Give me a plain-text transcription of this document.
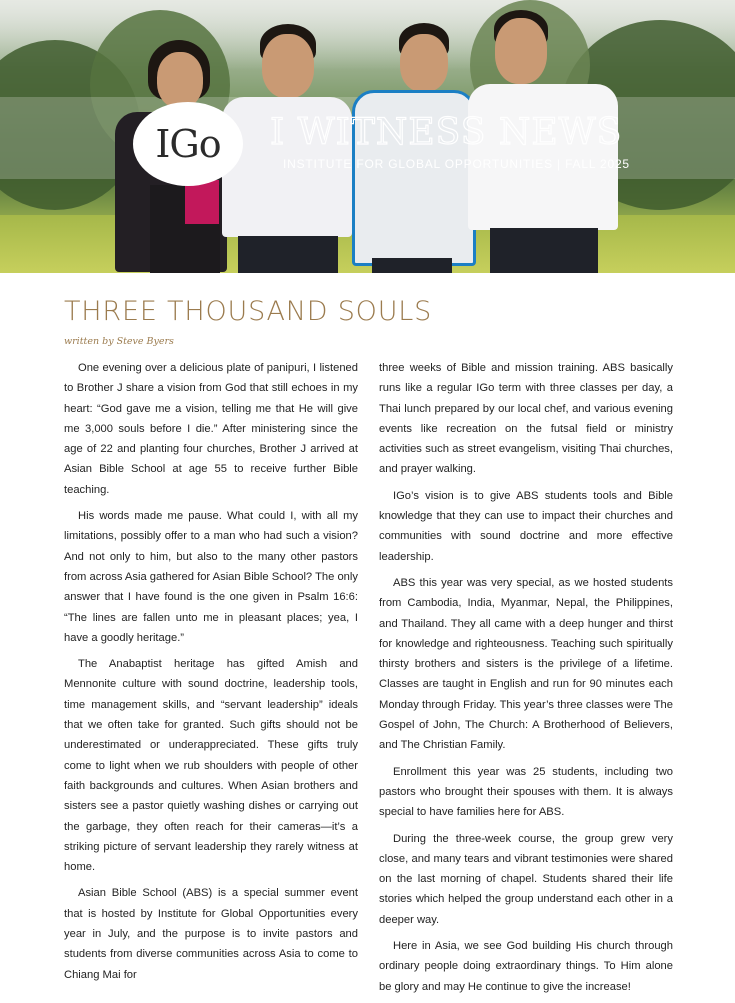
IGo I WITNESS NEWS
INSTITUTE FOR GLOBAL OPPORTUNITIES | FALL 2025
THREE THOUSAND SOULS
written by Steve Byers

One evening over a delicious plate of panipuri, I listened to Brother J share a vision from God that still echoes in my heart: “God gave me a vision, telling me that He will give me 3,000 souls before I die.” After ministering since the age of 22 and planting four churches, Brother J arrived at Asian Bible School at age 55 to receive further Bible teaching.

His words made me pause. What could I, with all my limitations, possibly offer to a man who had such a vision? And not only to him, but also to the many other pastors from across Asia gathered for Asian Bible School? The only answer that I have found is the one given in Psalm 16:6: “The lines are fallen unto me in pleasant places; yea, I have a goodly heritage.”

The Anabaptist heritage has gifted Amish and Mennonite culture with sound doctrine, leadership tools, time management skills, and “servant leadership” ideals that we often take for granted. Such gifts should not be underestimated or underappreciated. These gifts truly come to light when we rub shoulders with people of other faith backgrounds and cultures. When Asian brothers and sisters see a pastor quietly washing dishes or carrying out the garbage, they often reach for their cameras—it’s a striking picture of servant leadership they rarely witness at home.

Asian Bible School (ABS) is a special summer event that is hosted by Institute for Global Opportunities every year in July, and the purpose is to invite pastors and students from diverse communities across Asia to come to Chiang Mai for

three weeks of Bible and mission training. ABS basically runs like a regular IGo term with three classes per day, a Thai lunch prepared by our local chef, and various evening events like recreation on the futsal field or ministry activities such as street evangelism, visiting Thai churches, and prayer walking.

IGo’s vision is to give ABS students tools and Bible knowledge that they can use to impact their churches and communities with sound doctrine and more effective leadership.

ABS this year was very special, as we hosted students from Cambodia, India, Myanmar, Nepal, the Philippines, and Thailand. They all came with a deep hunger and thirst for knowledge and righteousness. Teaching such spiritually thirsty brothers and sisters is the privilege of a lifetime. Classes are taught in English and run for 90 minutes each Monday through Friday. This year’s three classes were The Gospel of John, The Church: A Brotherhood of Believers, and The Christian Family.

Enrollment this year was 25 students, including two pastors who brought their spouses with them. It is always special to have families here for ABS.

During the three-week course, the group grew very close, and many tears and vibrant testimonies were shared on the last morning of chapel. Students shared their life stories which helped the group understand each other in a deeper way.

Here in Asia, we see God building His church through ordinary people doing extraordinary things. To Him alone be glory and may He continue to give the increase!
